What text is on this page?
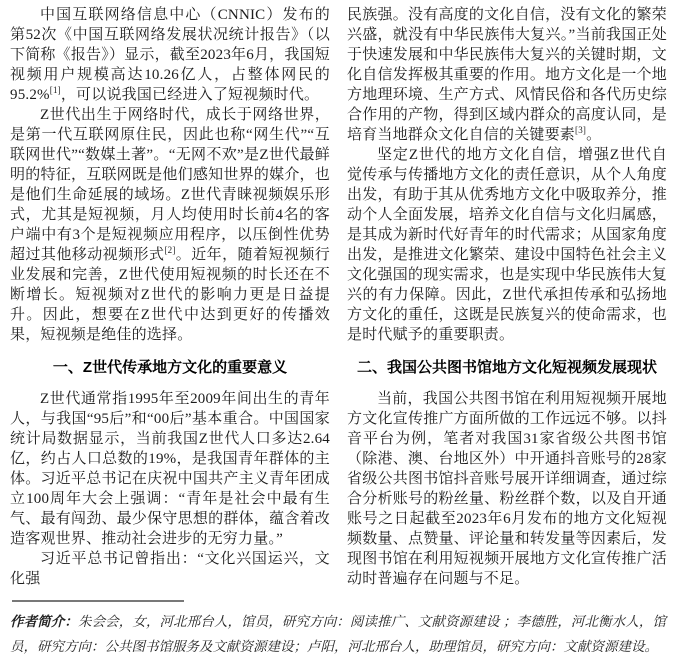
中国互联网络信息中心（CNNIC）发布的第52次《中国互联网络发展状况统计报告》（以下简称《报告》）显示，截至2023年6月，我国短视频用户规模高达10.26亿人，占整体网民的95.2%[1]，可以说我国已经进入了短视频时代。

Z世代出生于网络时代，成长于网络世界，是第一代互联网原住民，因此也称“网生代”“互联网世代”“数媒土著”。“无网不欢”是Z世代最鲜明的特征，互联网既是他们感知世界的媒介，也是他们生命延展的域场。Z世代青睐视频娱乐形式，尤其是短视频，月人均使用时长前4名的客户端中有3个是短视频应用程序，以压倒性优势超过其他移动视频形式[2]。近年，随着短视频行业发展和完善，Z世代使用短视频的时长还在不断增长。短视频对Z世代的影响力更是日益提升。因此，想要在Z世代中达到更好的传播效果，短视频是绝佳的选择。

一、Z世代传承地方文化的重要意义

Z世代通常指1995年至2009年间出生的青年人，与我国“95后”和“00后”基本重合。中国国家统计局数据显示，当前我国Z世代人口多达2.64亿，约占人口总数的19%，是我国青年群体的主体。习近平总书记在庆祝中国共产主义青年团成立100周年大会上强调：“青年是社会中最有生气、最有闯劲、最少保守思想的群体，蕴含着改造客观世界、推动社会进步的无穷力量。”

习近平总书记曾指出：“文化兴国运兴，文化强

民族强。没有高度的文化自信，没有文化的繁荣兴盛，就没有中华民族伟大复兴。”当前我国正处于快速发展和中华民族伟大复兴的关键时期，文化自信发挥极其重要的作用。地方文化是一个地方地理环境、生产方式、风情民俗和各代历史综合作用的产物，得到区域内群众的高度认同，是培育当地群众文化自信的关键要素[3]。

坚定Z世代的地方文化自信，增强Z世代自觉传承与传播地方文化的责任意识，从个人角度出发，有助于其从优秀地方文化中吸取养分，推动个人全面发展，培养文化自信与文化归属感，是其成为新时代好青年的时代需求；从国家角度出发，是推进文化繁荣、建设中国特色社会主义文化强国的现实需求，也是实现中华民族伟大复兴的有力保障。因此，Z世代承担传承和弘扬地方文化的重任，这既是民族复兴的使命需求，也是时代赋予的重要职责。

二、我国公共图书馆地方文化短视频发展现状

当前，我国公共图书馆在利用短视频开展地方文化宣传推广方面所做的工作远远不够。以抖音平台为例，笔者对我国31家省级公共图书馆（除港、澳、台地区外）中开通抖音账号的28家省级公共图书馆抖音账号展开详细调查，通过综合分析账号的粉丝量、粉丝群个数，以及自开通账号之日起截至2023年6月发布的地方文化短视频数量、点赞量、评论量和转发量等因素后，发现图书馆在利用短视频开展地方文化宣传推广活动时普遍存在问题与不足。

作者简介：朱会会，女，河北邢台人，馆员，研究方向：阅读推广、文献资源建设 ；李德胜，河北衡水人，馆员，研究方向：公共图书馆服务及文献资源建设；卢阳，河北邢台人，助理馆员，研究方向：文献资源建设。
